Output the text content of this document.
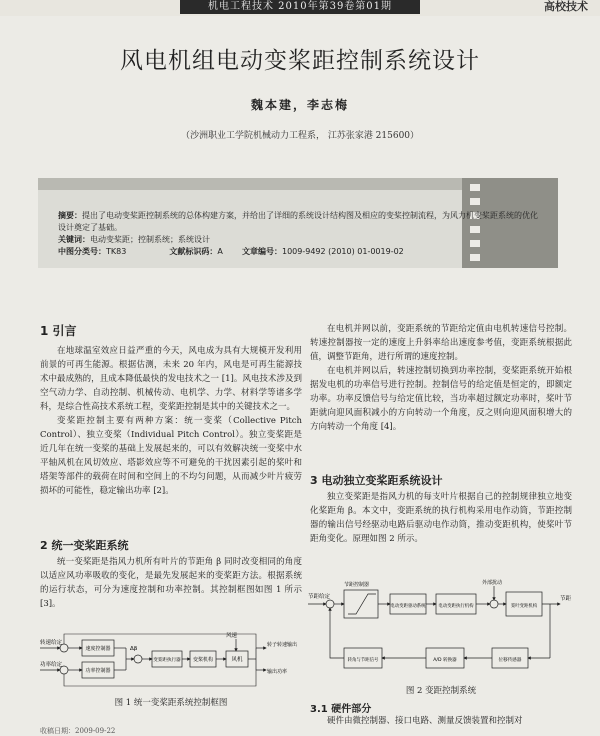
机电工程技术 2010年第39卷第01期	高校技术
风电机组电动变桨距控制系统设计
魏本建，李志梅
（沙洲职业工学院机械动力工程系， 江苏张家港 215600）
摘要：提出了电动变桨距控制系统的总体构建方案，并给出了详细的系统设计结构图及相应的变桨控制流程，为风力机变桨距系统的优化设计奠定了基础。
关键词：电动变桨距；控制系统；系统设计
中图分类号：TK83	文献标识码：A 文章编号：1009-9492 (2010) 01-0019-02
1 引言

在地球温室效应日益严重的今天，风电成为具有大规模开发利用前景的可再生能源。根据估测，未来 20 年内，风电是可再生能源技术中最成熟的，且成本降低最快的发电技术之一 [1]。风电技术涉及到空气动力学、自动控制、机械传动、电机学、力学、材料学等诸多学科，是综合性高技术系统工程，变桨距控制是其中的关键技术之一。

变桨距控制主要有两种方案：统一变桨（Collective Pitch Control）、独立变桨（Individual Pitch Control）。独立变桨距是近几年在统一变桨的基础上发展起来的，可以有效解决统一变桨中水平轴风机在风切效应、塔影效应等不可避免的干扰因素引起的桨叶和塔架等部件的载荷在时间和空间上的不均匀问题，从而减少叶片疲劳损坏的可能性，稳定输出功率 [2]。

2 统一变桨距系统

统一变桨距是指风力机所有叶片的节距角 β 同时改变相同的角度以适应风功率吸收的变化，是最先发展起来的变桨距方法。根据系统的运行状态，可分为速度控制和功率控制。其控制框图如图 1 所示 [3]。

转速给定
功率给定
速度控制器
功率控制器
Δβ
变桨距执行器 变桨机构
风速
风机
转子转速输出
输出功率
图 1 统一变桨距系统控制框图

在电机并网以前，变距系统的节距给定值由电机转速信号控制。转速控制器按一定的速度上升斜率给出速度参考值，变距系统根据此值，调整节距角，进行所谓的速度控制。

在电机并网以后，转速控制切换到功率控制，变桨距系统开始根据发电机的功率信号进行控制。控制信号的给定值是恒定的，即额定功率。功率反馈信号与给定值比较，当功率超过额定功率时，桨叶节距就向迎风面积减小的方向转动一个角度，反之则向迎风面积增大的方向转动一个角度 [4]。

3 电动独立变桨距系统设计

独立变桨距是指风力机的每支叶片根据自己的控制规律独立地变化桨距角 β。本文中，变距系统的执行机构采用电作动筒，节距控制器的输出信号经驱动电路后驱动电作动筒，推动变距机构，使桨叶节距角变化。原理如图 2 所示。

节距给定
节距控制器
电动变距驱动系统	电动变距执行机构
外部扰动
桨叶变距机构
节距
位移传感器
A/D 转换器
转角与节距信号
图 2 变距控制系统
3.1 硬件部分

硬件由微控制器、接口电路、测量反馈装置和控制对

收稿日期：2009-09-22
